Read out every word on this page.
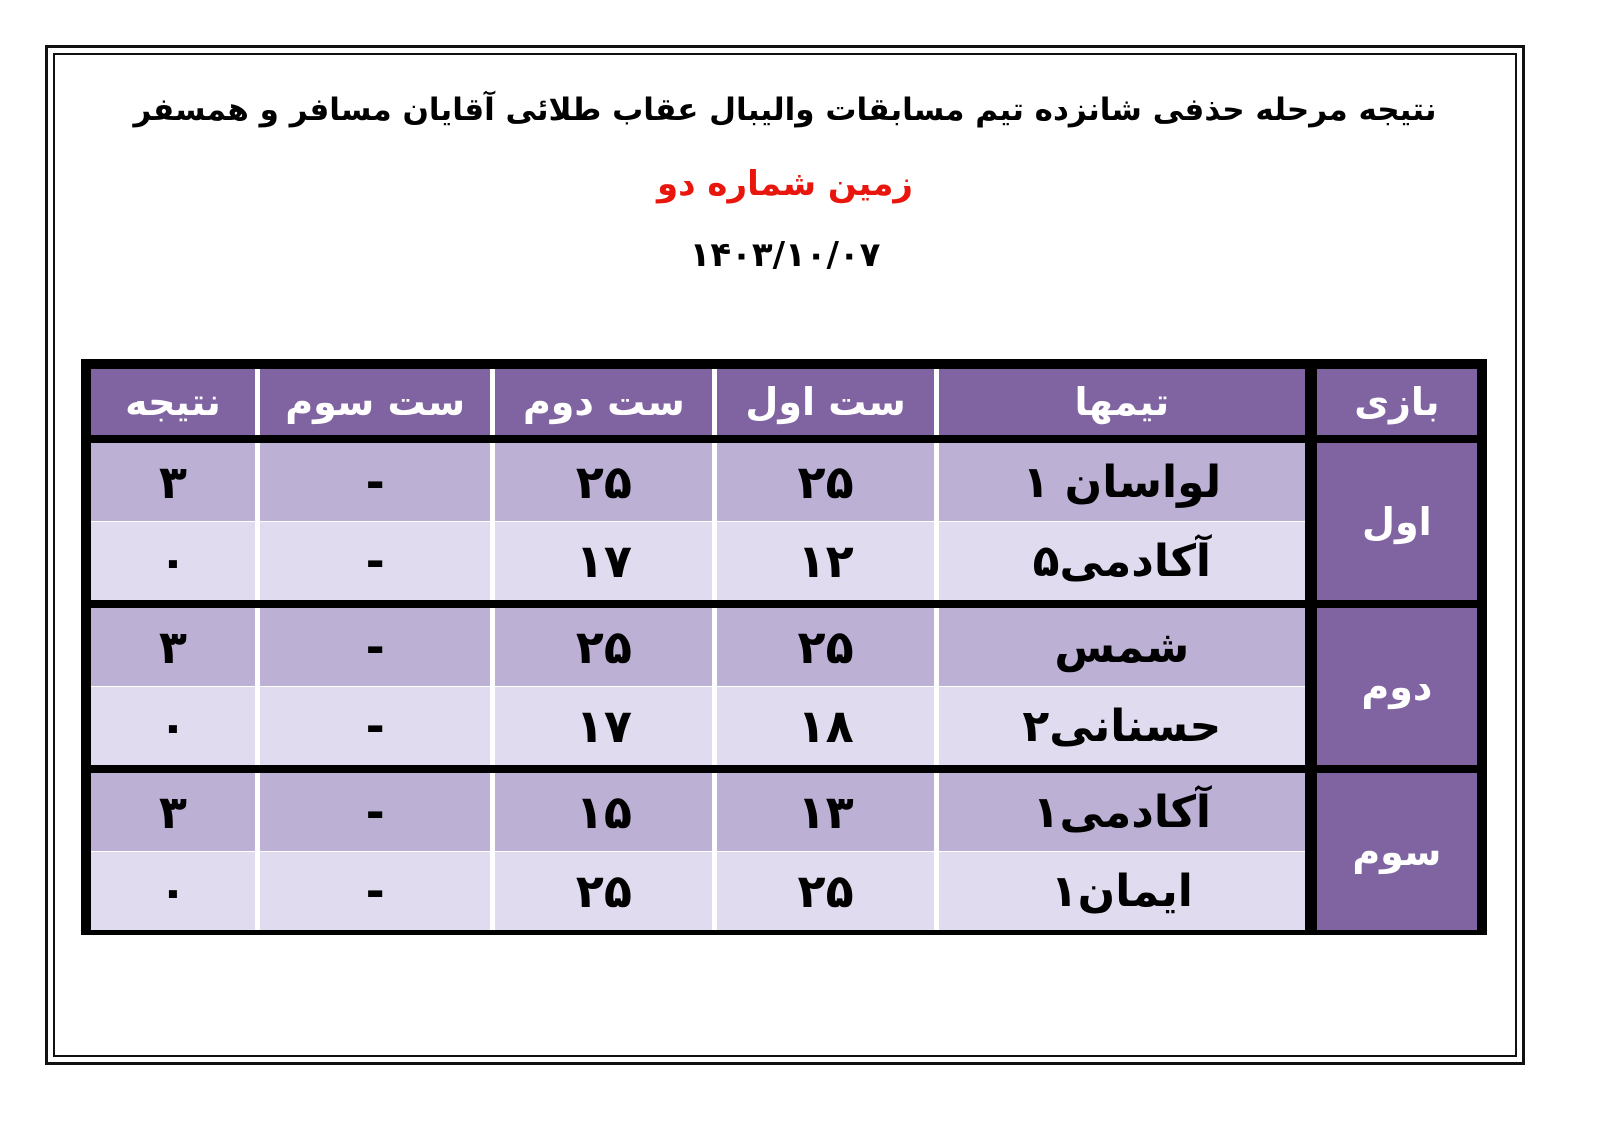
نتیجه مرحله حذفی شانزده تیم مسابقات والیبال عقاب طلائی آقایان مسافر و همسفر
زمین شماره دو
۱۴۰۳/۱۰/۰۷
بازی	تیمها	ست اول	ست دوم	ست سوم	نتیجه
اول	لواسان ۱	۲۵	۲۵	-	۳
	آکادمی۵	۱۲	۱۷	-	۰
دوم	شمس	۲۵	۲۵	-	۳
	حسنانی۲	۱۸	۱۷	-	۰
سوم	آکادمی۱	۱۳	۱۵	-	۳
	ایمان۱	۲۵	۲۵	-	۰
